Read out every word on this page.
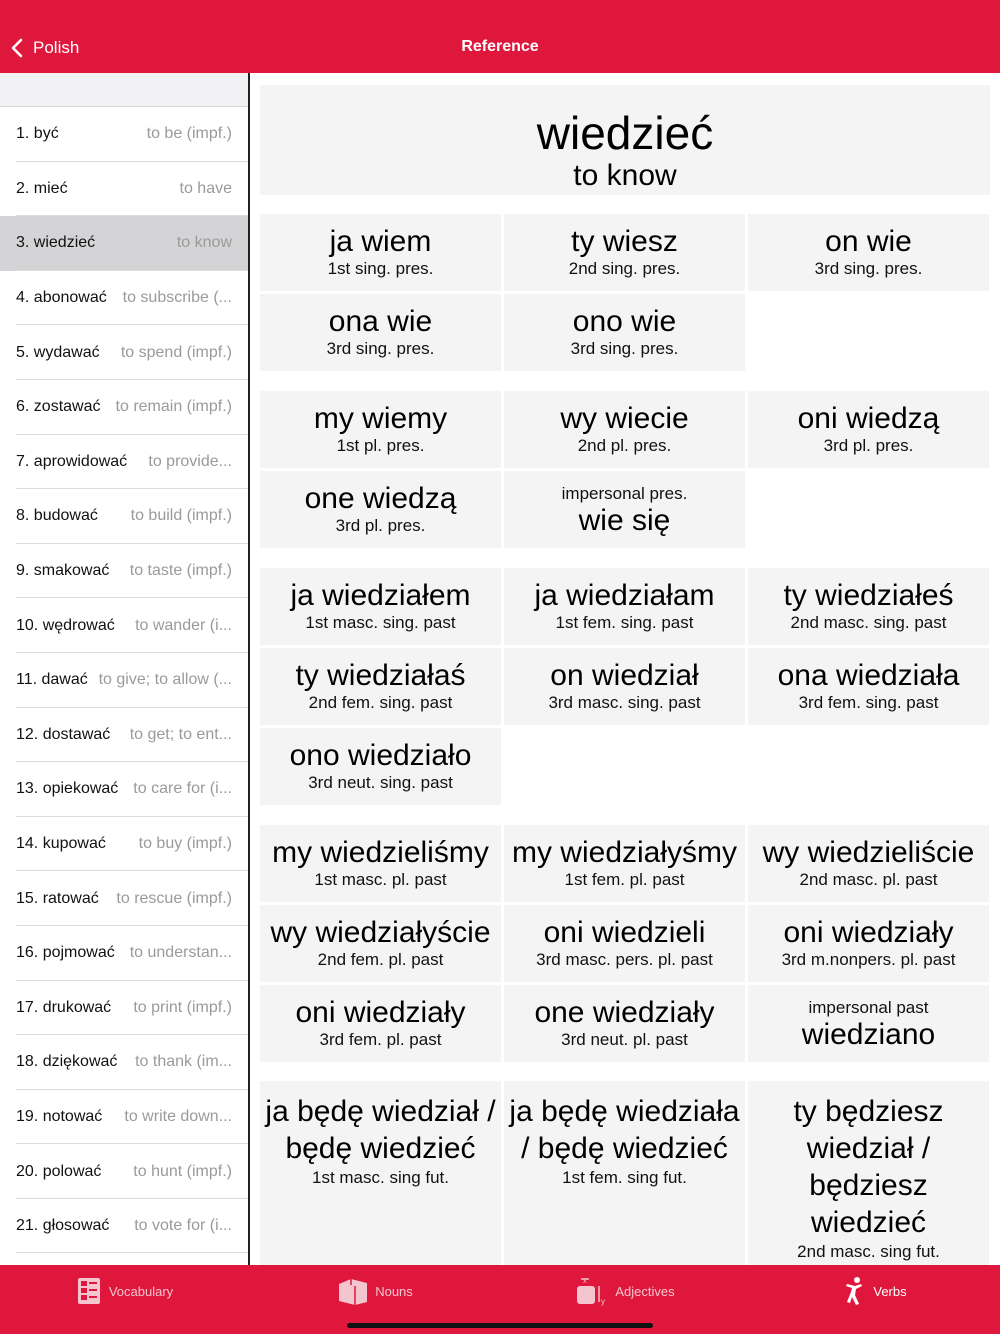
Polish	Reference
1. być	to be (impf.)
2. mieć	to have
3. wiedzieć	to know
4. abonować to subscribe (...
5. wydawać	to spend (impf.)
6. zostawać to remain (impf.)
7. aprowidować	to provide...
8. budować	to build (impf.)
9. smakować	to taste (impf.)
10. wędrować	to wander (i...
11. dawać to give; to allow (...
12. dostawać	to get; to ent...
13. opiekować to care for (i...
14. kupować	to buy (impf.)
15. ratować	to rescue (impf.)
16. pojmować to understan...
17. drukować	to print (impf.)
18. dziękować	to thank (im...
19. notować	to write down...
20. polować	to hunt (impf.)
21. głosować	to vote for (i...
wiedzieć
to know
ja wiem
1st sing. pres.
ty wiesz
2nd sing. pres.
on wie
3rd sing. pres.
ona wie
3rd sing. pres.
ono wie
3rd sing. pres.
my wiemy
1st pl. pres.
wy wiecie
2nd pl. pres.
oni wiedzą
3rd pl. pres.
one wiedzą
3rd pl. pres.
impersonal pres.
wie się
ja wiedziałem
1st masc. sing. past
ja wiedziałam
1st fem. sing. past
ty wiedziałeś
2nd masc. sing. past
ty wiedziałaś
2nd fem. sing. past
on wiedział
3rd masc. sing. past
ona wiedziała
3rd fem. sing. past
ono wiedziało
3rd neut. sing. past
my wiedzieliśmy
1st masc. pl. past
my wiedziałyśmy
1st fem. pl. past
wy wiedzieliście
2nd masc. pl. past
wy wiedziałyście
2nd fem. pl. past
oni wiedzieli
3rd masc. pers. pl. past
oni wiedziały
3rd m.nonpers. pl. past
oni wiedziały
3rd fem. pl. past
one wiedziały
3rd neut. pl. past
impersonal past
wiedziano
ja będę wiedział / będę wiedzieć
1st masc. sing fut.
ja będę wiedziała / będę wiedzieć
1st fem. sing fut.
ty będziesz wiedział / będziesz wiedzieć
2nd masc. sing fut.
Vocabulary	Nouns
y
x
Adjectives	Verbs
